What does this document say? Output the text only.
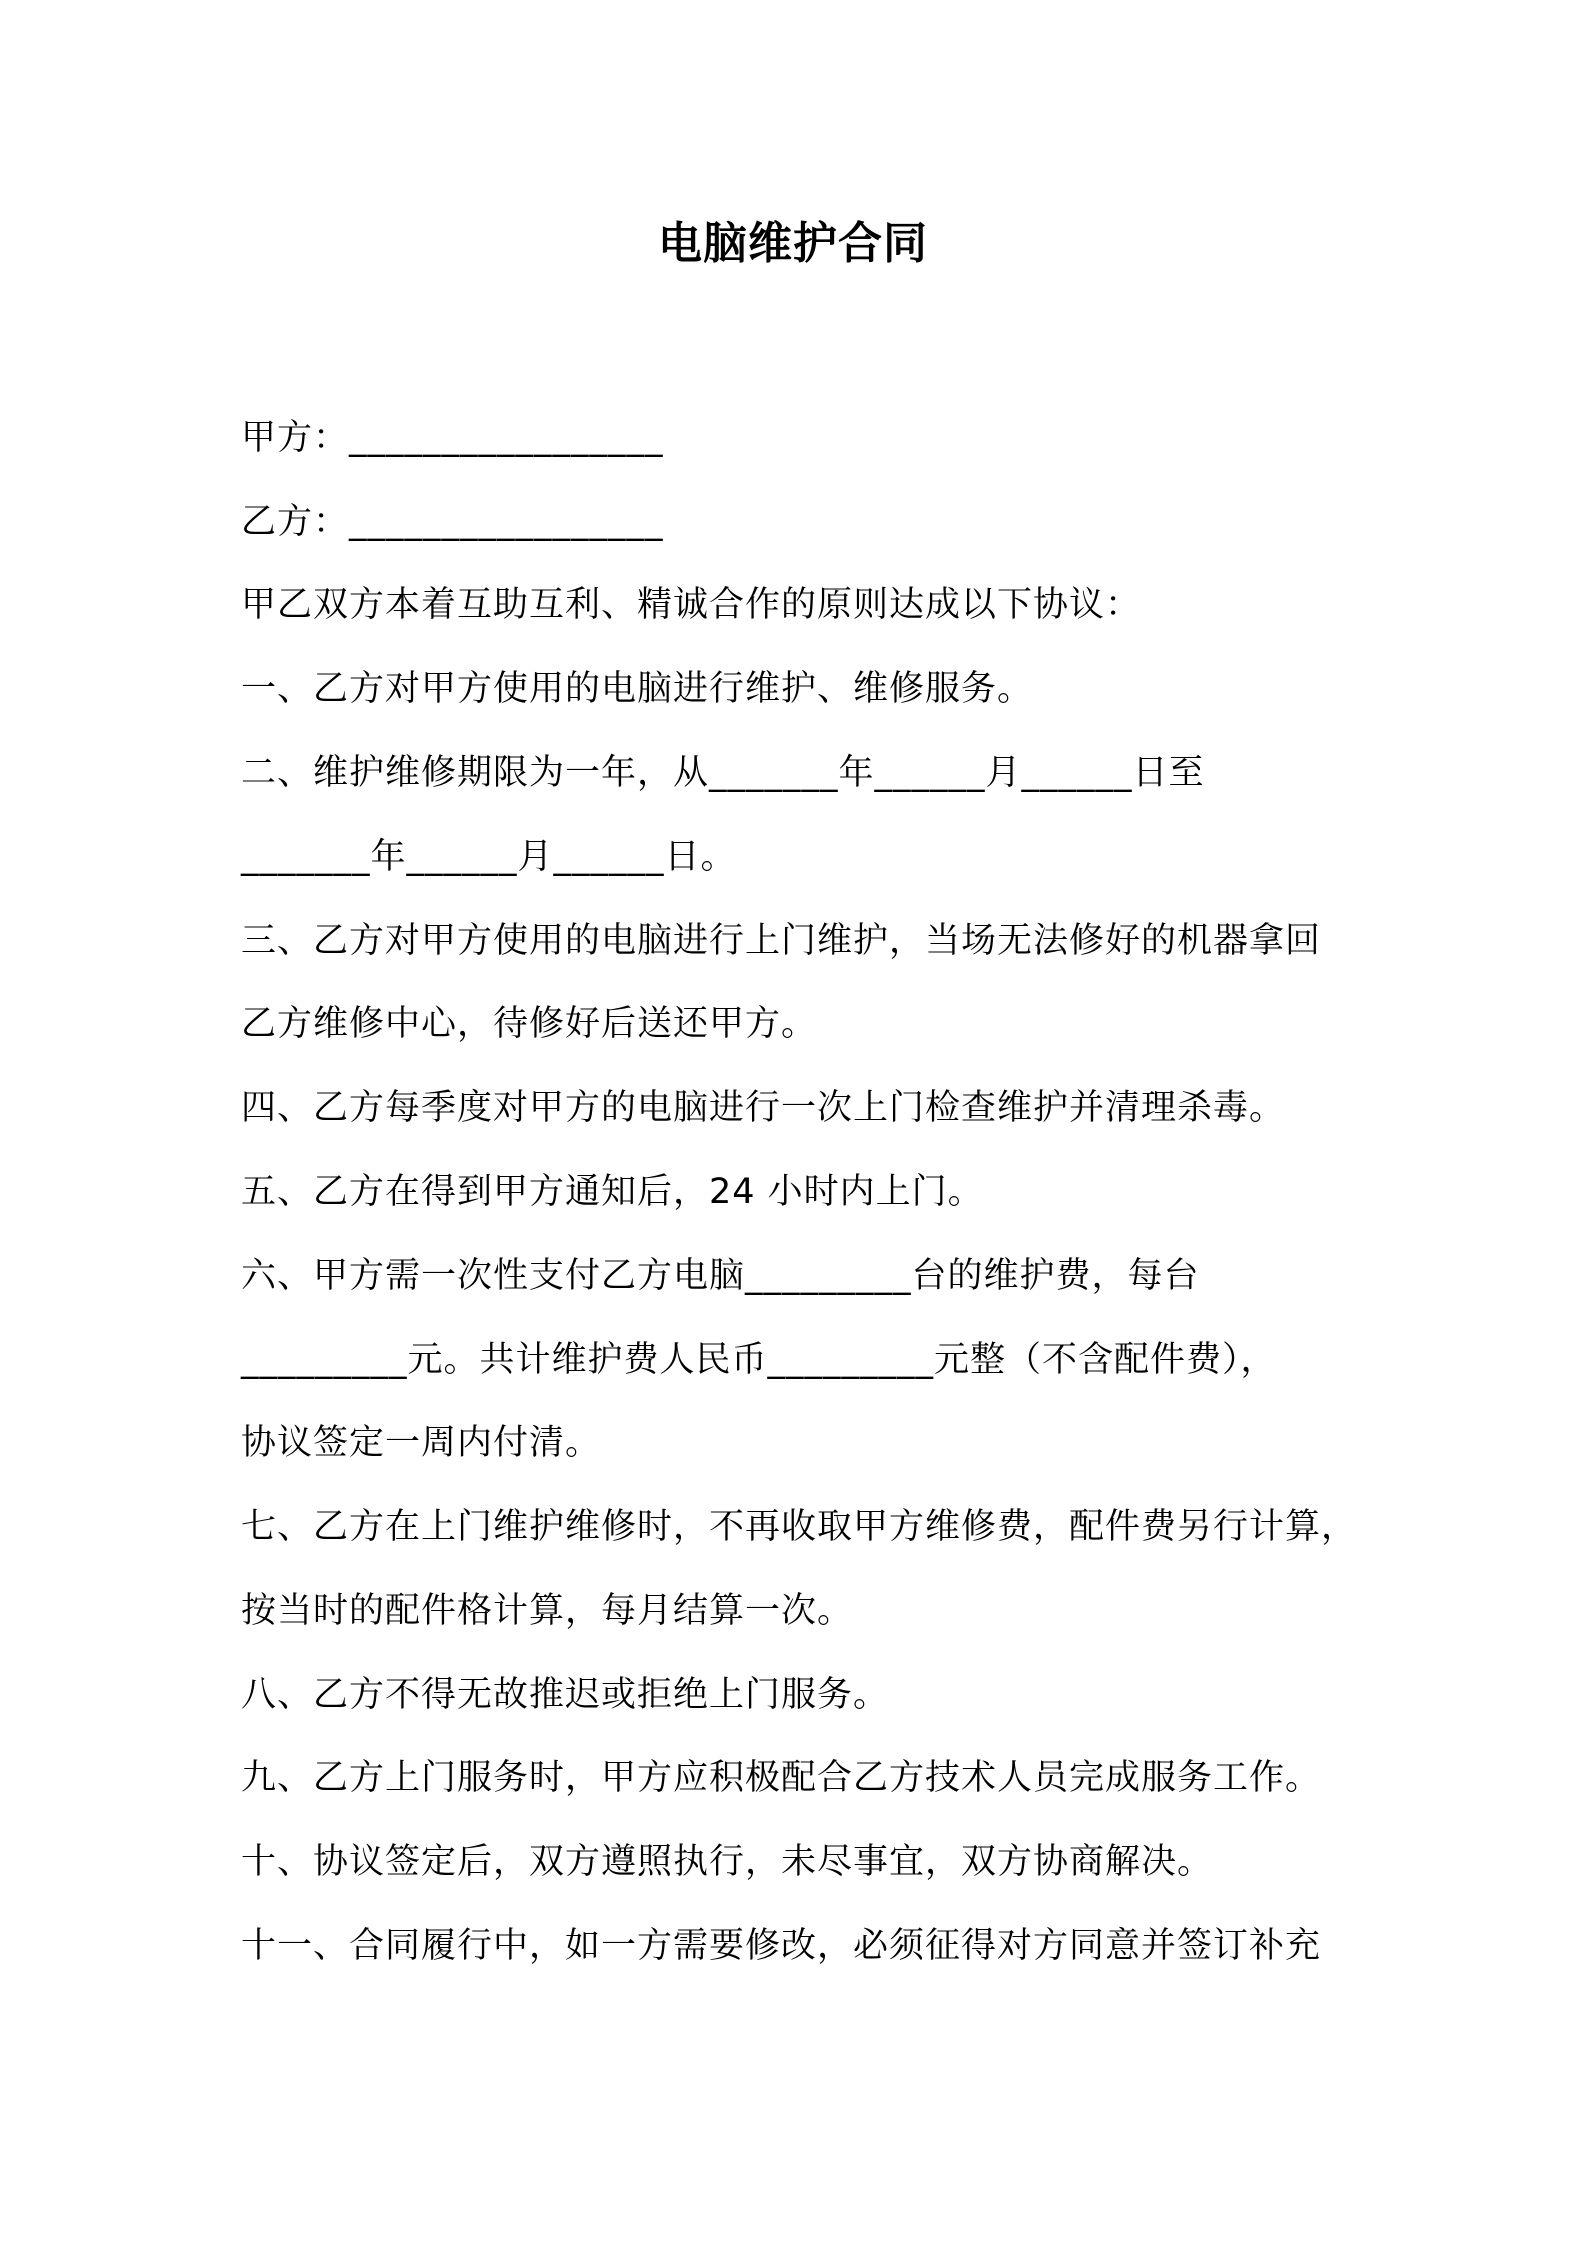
电脑维护合同
甲方：_________________
乙方：_________________
甲乙双方本着互助互利、精诚合作的原则达成以下协议：
一、乙方对甲方使用的电脑进行维护、维修服务。
二、维护维修期限为一年，从_______年______月______日至
_______年______月______日。
三、乙方对甲方使用的电脑进行上门维护，当场无法修好的机器拿回
乙方维修中心，待修好后送还甲方。
四、乙方每季度对甲方的电脑进行一次上门检查维护并清理杀毒。
五、乙方在得到甲方通知后，24 小时内上门。
六、甲方需一次性支付乙方电脑_________台的维护费，每台
_________元。共计维护费人民币_________元整（不含配件费），
协议签定一周内付清。
七、乙方在上门维护维修时，不再收取甲方维修费，配件费另行计算，
按当时的配件格计算，每月结算一次。
八、乙方不得无故推迟或拒绝上门服务。
九、乙方上门服务时，甲方应积极配合乙方技术人员完成服务工作。
十、协议签定后，双方遵照执行，未尽事宜，双方协商解决。
十一、合同履行中，如一方需要修改，必须征得对方同意并签订补充
